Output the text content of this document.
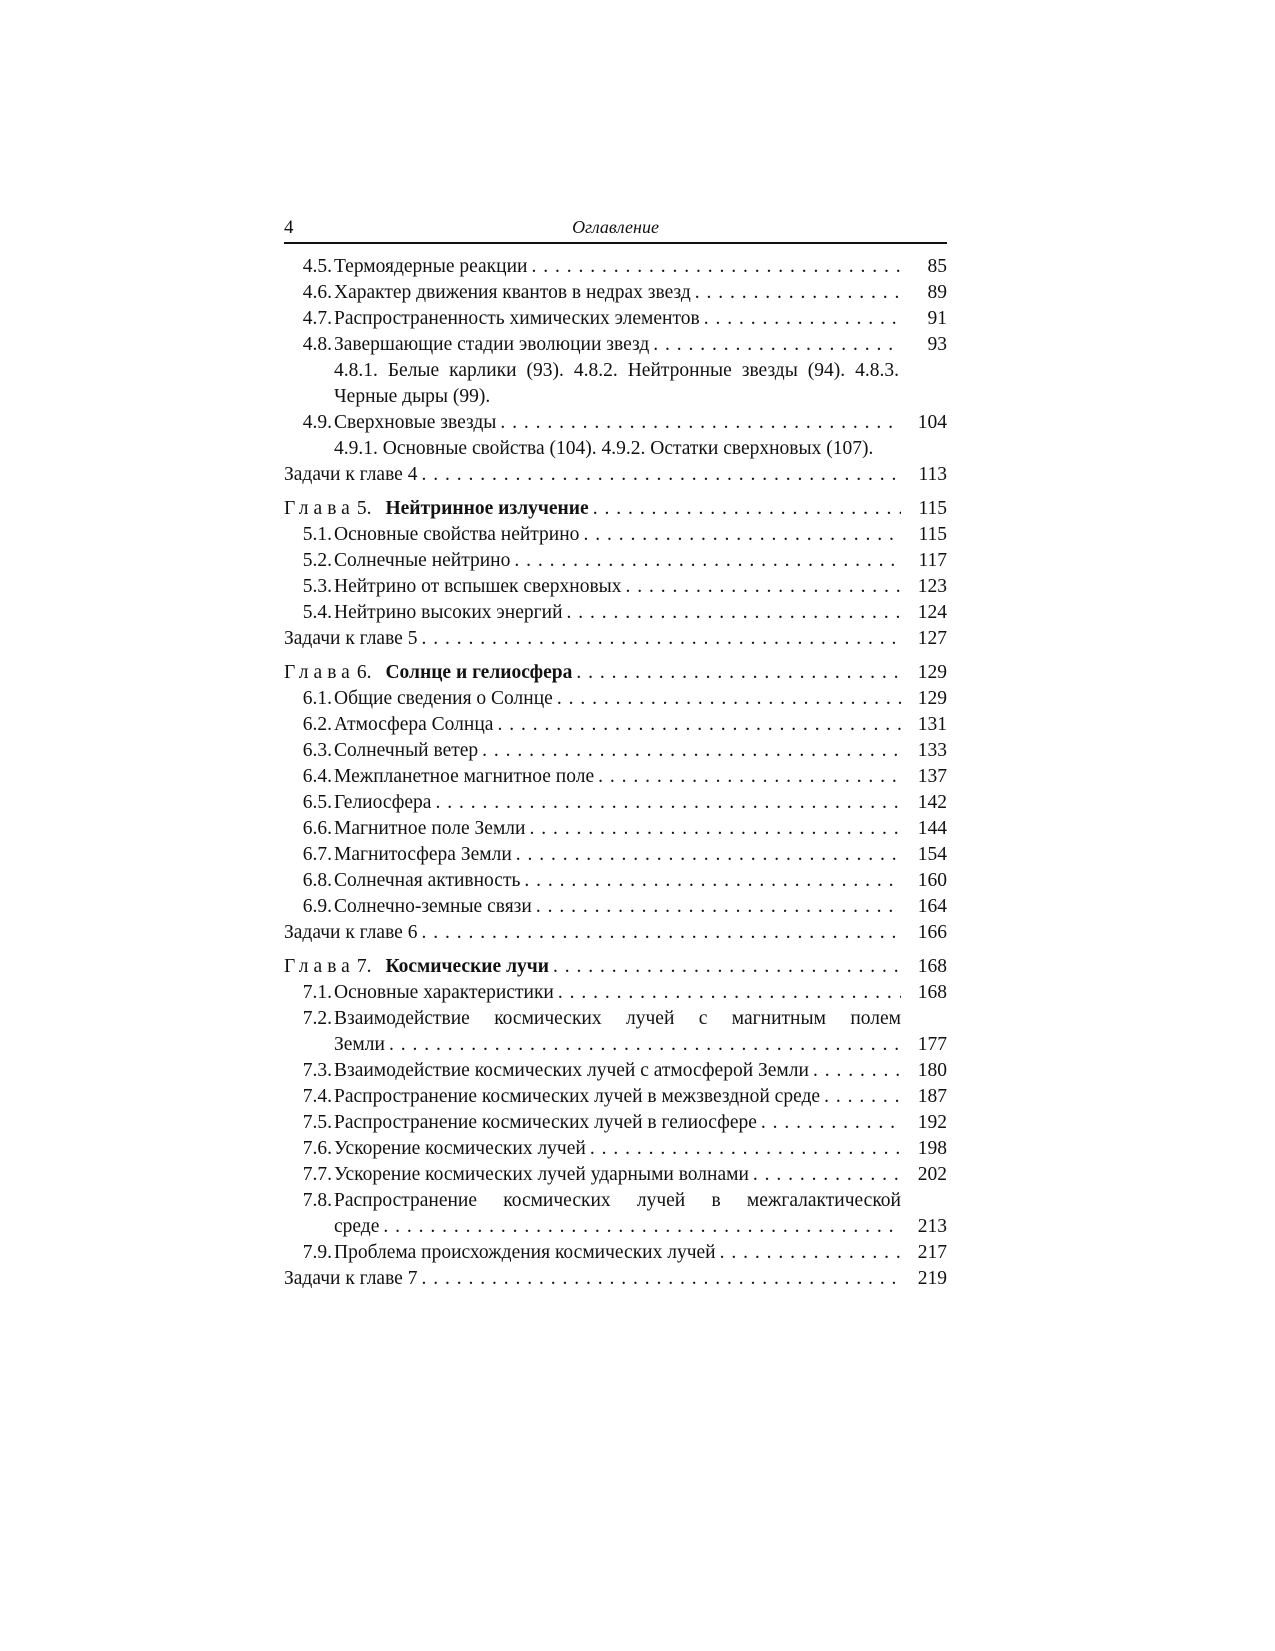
4	Оглавление
4.5. Термоядерные реакции . . .	85
4.6. Характер движения квантов в недрах звезд . . .	89
4.7. Распространенность химических элементов . . .	91
4.8. Завершающие стадии эволюции звезд . . .	93
4.8.1. Белые карлики (93). 4.8.2. Нейтронные звезды (94). 4.8.3. Черные дыры (99).
4.9. Сверхновые звезды . . .	104
4.9.1. Основные свойства (104). 4.9.2. Остатки сверхновых (107).
Задачи к главе 4 . . .	113
Глава 5. Нейтринное излучение . . .	115
5.1. Основные свойства нейтрино . . .	115
5.2. Солнечные нейтрино . . .	117
5.3. Нейтрино от вспышек сверхновых . . .	123
5.4. Нейтрино высоких энергий . . .	124
Задачи к главе 5 . . .	127
Глава 6. Солнце и гелиосфера . . .	129
6.1. Общие сведения о Солнце . . .	129
6.2. Атмосфера Солнца . . .	131
6.3. Солнечный ветер . . .	133
6.4. Межпланетное магнитное поле . . .	137
6.5. Гелиосфера . . .	142
6.6. Магнитное поле Земли . . .	144
6.7. Магнитосфера Земли . . .	154
6.8. Солнечная активность . . .	160
6.9. Солнечно-земные связи . . .	164
Задачи к главе 6 . . .	166
Глава 7. Космические лучи . . .	168
7.1. Основные характеристики . . .	168
7.2. Взаимодействие космических лучей с магнитным полем
Земли . . .	177
7.3. Взаимодействие космических лучей с атмосферой Земли . . .	180
7.4. Распространение космических лучей в межзвездной среде . . .	187
7.5. Распространение космических лучей в гелиосфере . . .	192
7.6. Ускорение космических лучей . . .	198
7.7. Ускорение космических лучей ударными волнами . . .	202
7.8. Распространение космических лучей в межгалактической
среде . . .	213
7.9. Проблема происхождения космических лучей . . .	217
Задачи к главе 7 . . .	219
